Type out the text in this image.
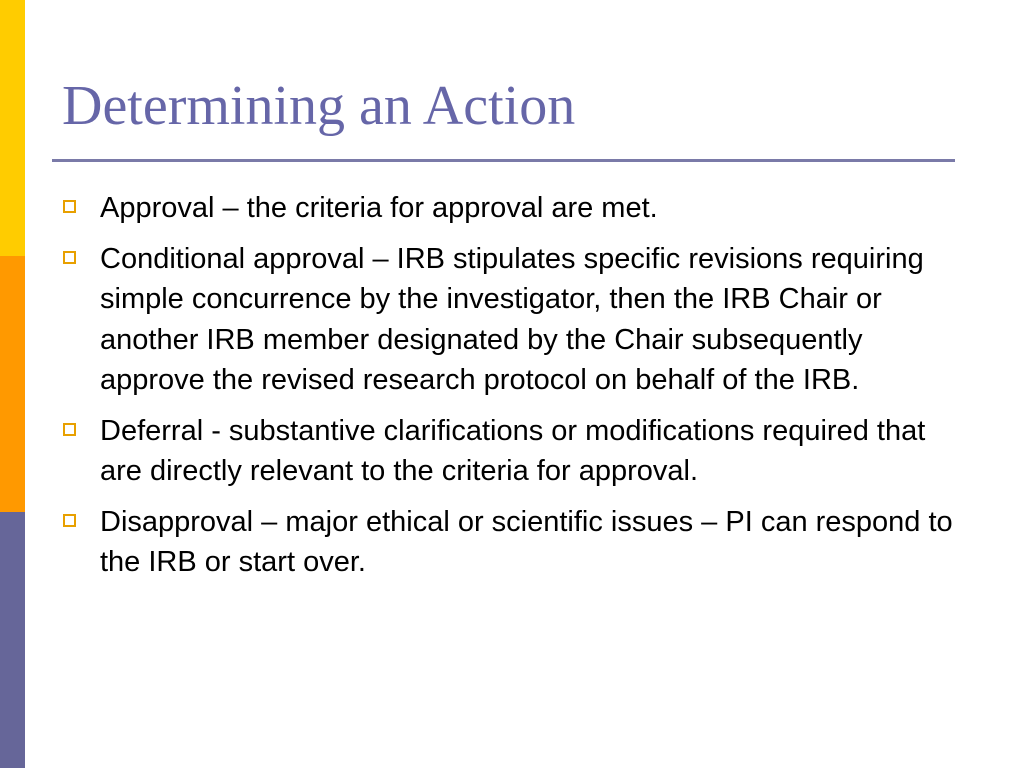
Determining an Action
Approval – the criteria for approval are met.
Conditional approval – IRB stipulates specific revisions requiring simple concurrence by the investigator, then the IRB Chair or another IRB member designated by the Chair subsequently approve the revised research protocol on behalf of the IRB.
Deferral - substantive clarifications or modifications required that are directly relevant to the criteria for approval.
Disapproval – major ethical or scientific issues – PI can respond to the IRB or start over.
